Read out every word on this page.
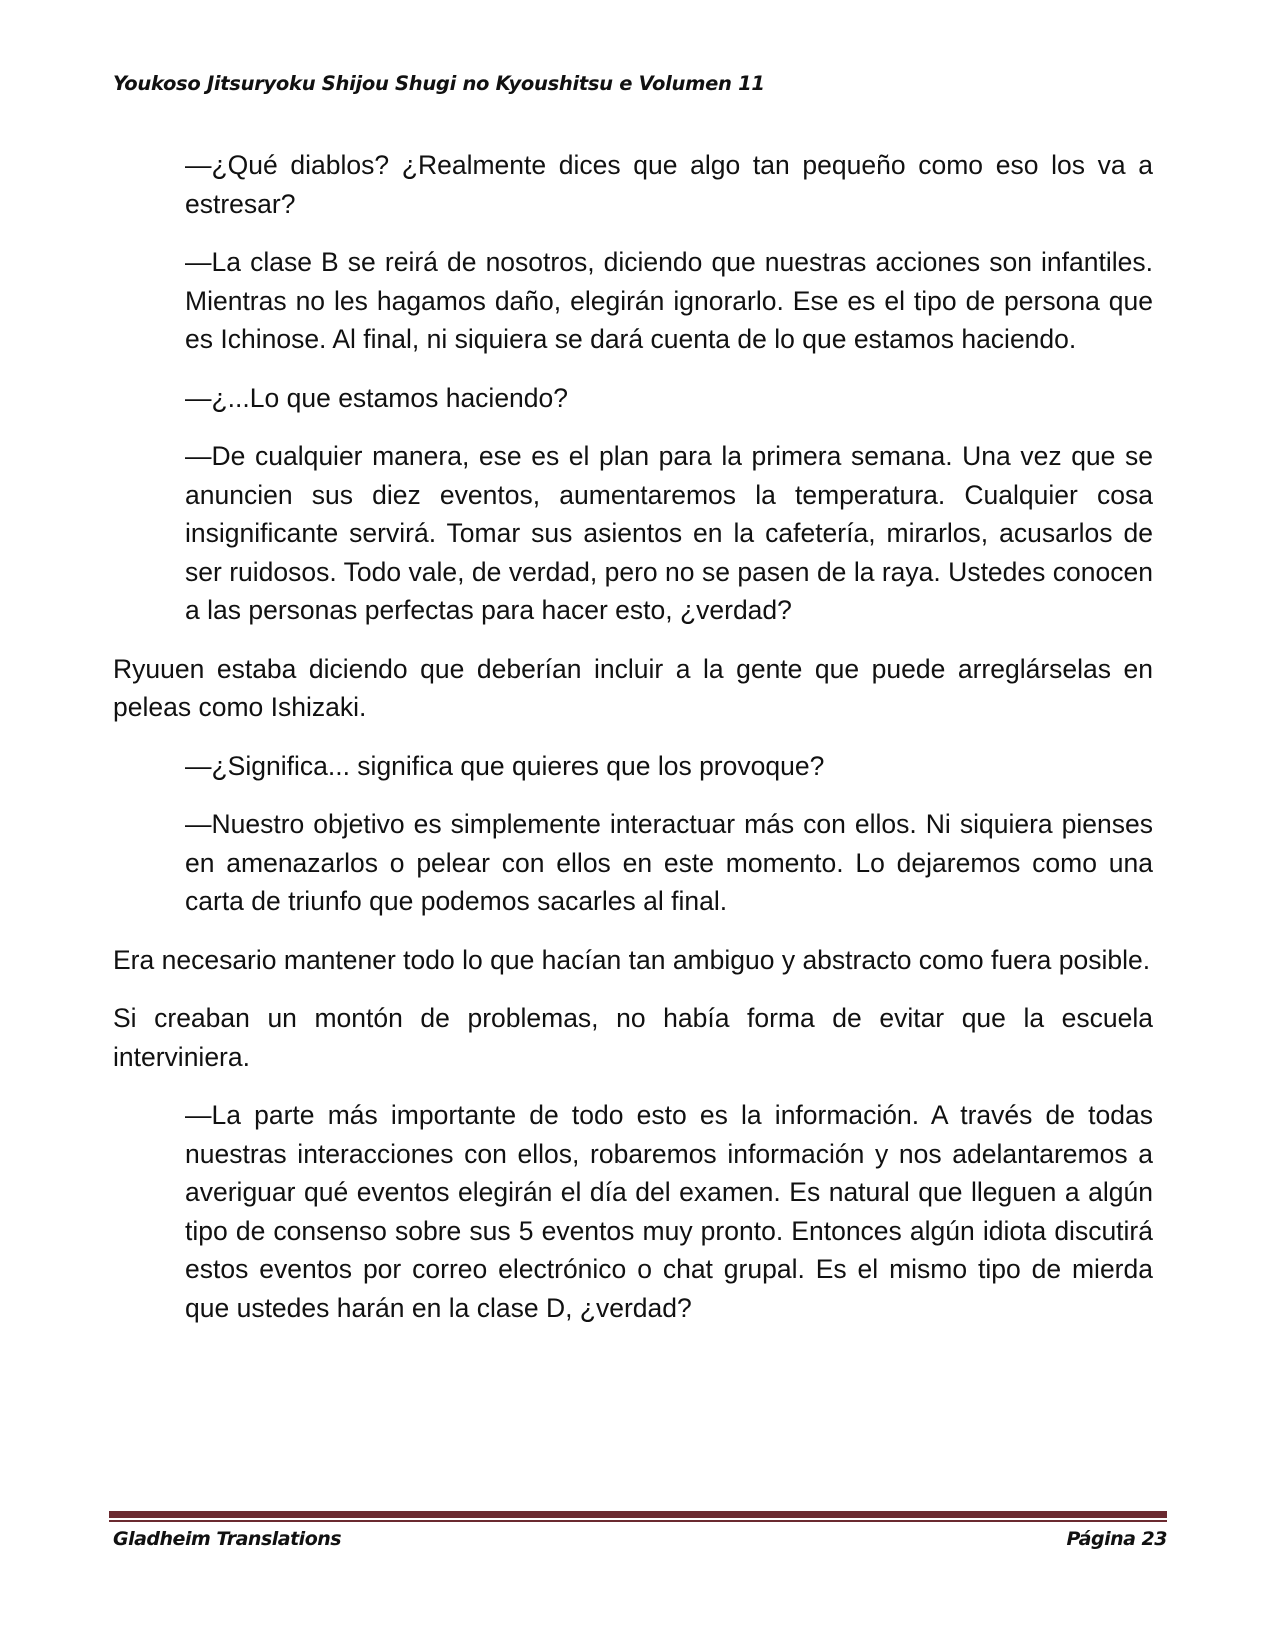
Youkoso Jitsuryoku Shijou Shugi no Kyoushitsu e Volumen 11

—¿Qué diablos? ¿Realmente dices que algo tan pequeño como eso los va a estresar?

—La clase B se reirá de nosotros, diciendo que nuestras acciones son infantiles. Mientras no les hagamos daño, elegirán ignorarlo. Ese es el tipo de persona que es Ichinose. Al final, ni siquiera se dará cuenta de lo que estamos haciendo.

—¿...Lo que estamos haciendo?

—De cualquier manera, ese es el plan para la primera semana. Una vez que se anuncien sus diez eventos, aumentaremos la temperatura. Cualquier cosa insignificante servirá. Tomar sus asientos en la cafetería, mirarlos, acusarlos de ser ruidosos. Todo vale, de verdad, pero no se pasen de la raya. Ustedes conocen a las personas perfectas para hacer esto, ¿verdad?

Ryuuen estaba diciendo que deberían incluir a la gente que puede arreglárselas en peleas como Ishizaki.

—¿Significa... significa que quieres que los provoque?

—Nuestro objetivo es simplemente interactuar más con ellos. Ni siquiera pienses en amenazarlos o pelear con ellos en este momento. Lo dejaremos como una carta de triunfo que podemos sacarles al final.

Era necesario mantener todo lo que hacían tan ambiguo y abstracto como fuera posible.

Si creaban un montón de problemas, no había forma de evitar que la escuela interviniera.

—La parte más importante de todo esto es la información. A través de todas nuestras interacciones con ellos, robaremos información y nos adelantaremos a averiguar qué eventos elegirán el día del examen. Es natural que lleguen a algún tipo de consenso sobre sus 5 eventos muy pronto. Entonces algún idiota discutirá estos eventos por correo electrónico o chat grupal. Es el mismo tipo de mierda que ustedes harán en la clase D, ¿verdad?

Gladheim Translations	Página 23
